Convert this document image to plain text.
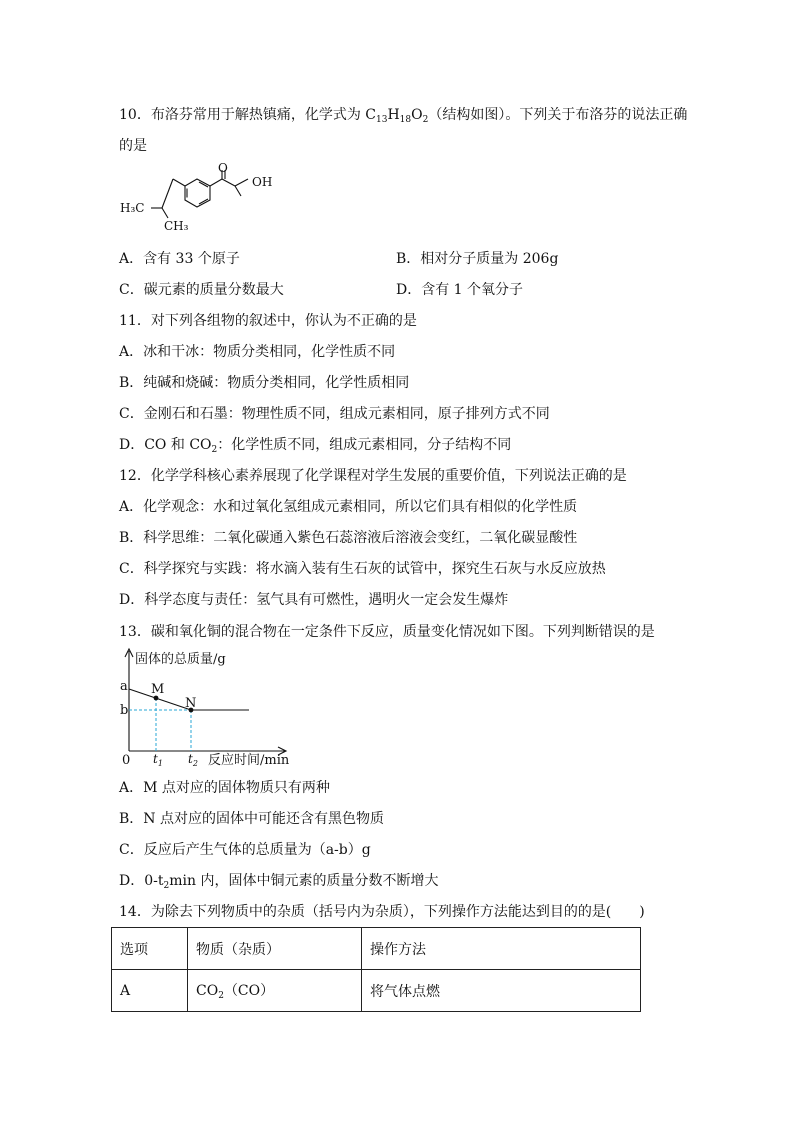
10．布洛芬常用于解热镇痛，化学式为 $C_{13}H_{18}O_2$（结构如图）。下列关于布洛芬的说法正确
的是
O
OH
H₃C
CH₃
A．含有 33 个原子	B．相对分子质量为 206g
C．碳元素的质量分数最大	D．含有 1 个氧分子
11．对下列各组物的叙述中，你认为不正确的是
A．冰和干冰：物质分类相同，化学性质不同
B．纯碱和烧碱：物质分类相同，化学性质相同
C．金刚石和石墨：物理性质不同，组成元素相同，原子排列方式不同
D．CO 和 $CO_2$：化学性质不同，组成元素相同，分子结构不同
12．化学学科核心素养展现了化学课程对学生发展的重要价值，下列说法正确的是
A．化学观念：水和过氧化氢组成元素相同，所以它们具有相似的化学性质
B．科学思维：二氧化碳通入紫色石蕊溶液后溶液会变红，二氧化碳显酸性
C．科学探究与实践：将水滴入装有生石灰的试管中，探究生石灰与水反应放热
D．科学态度与责任：氢气具有可燃性，遇明火一定会发生爆炸
13．碳和氧化铜的混合物在一定条件下反应，质量变化情况如下图。下列判断错误的是
固体的总质量/g
a
b
M
N
0 $t_1$ $t_2$ 反应时间/min
A．M 点对应的固体物质只有两种
B．N 点对应的固体中可能还含有黑色物质
C．反应后产生气体的总质量为（a-b）g
D．$0-t_2\min$ 内，固体中铜元素的质量分数不断增大
14．为除去下列物质中的杂质（括号内为杂质），下列操作方法能达到目的的是(　　)
选项	物质（杂质）	操作方法
A	$CO_2(CO)$	将气体点燃
